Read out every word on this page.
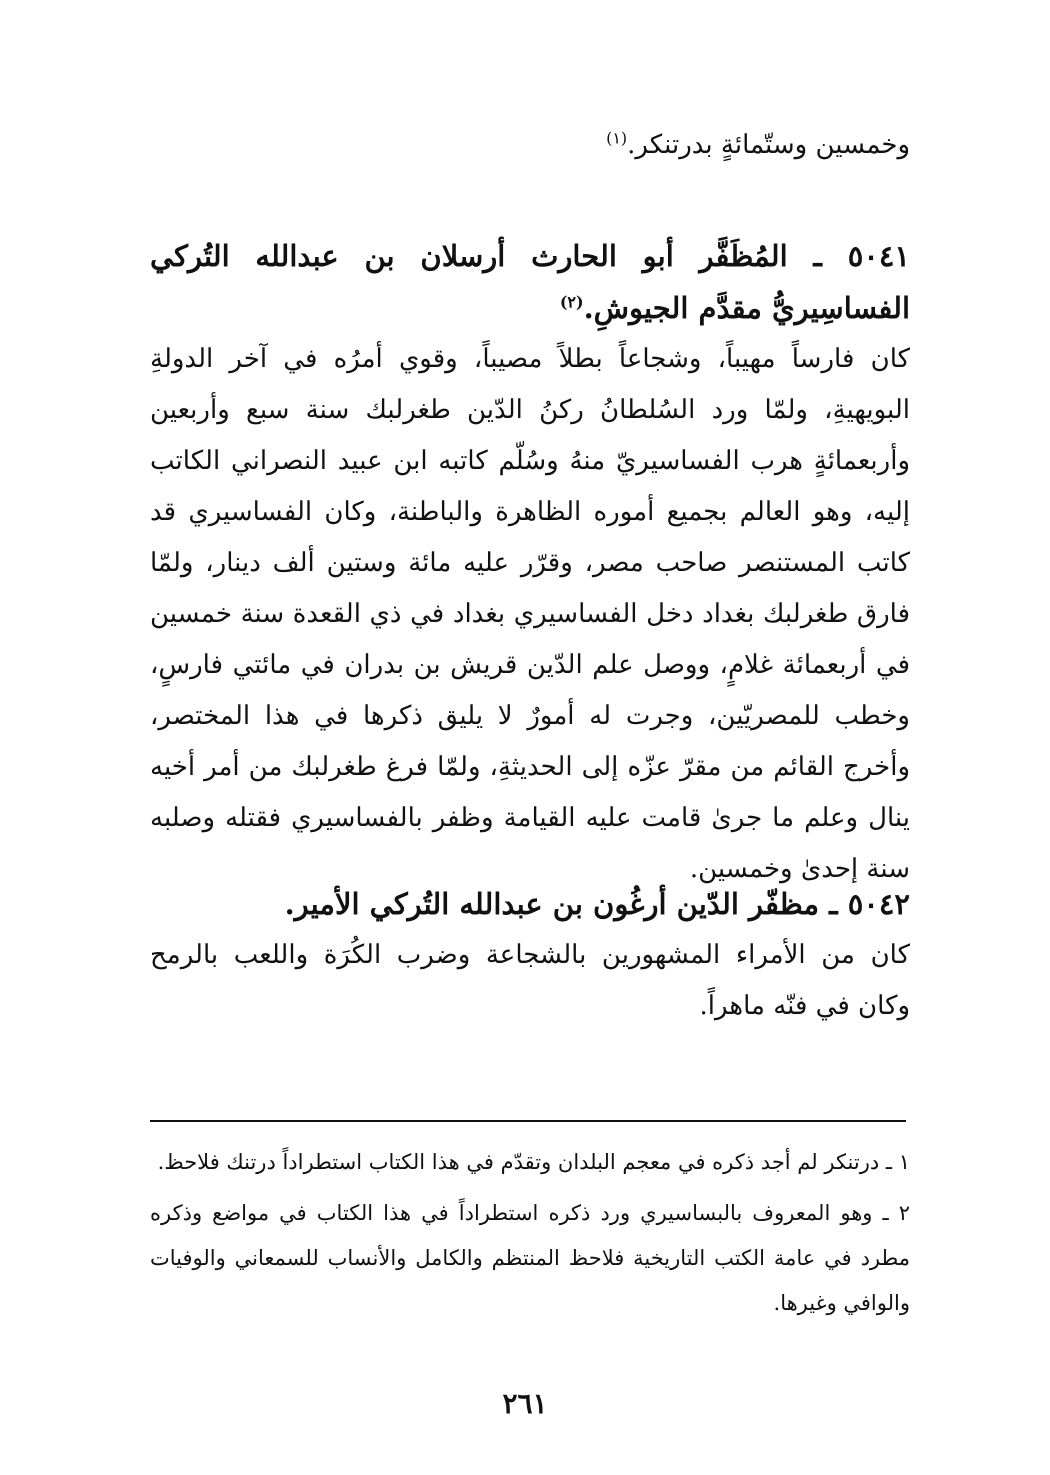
وخمسين وستّمائةٍ بدرتنكر.$^{(١)}$

٥٠٤١ ـ المُظَفَّر أبو الحارث أرسلان بن عبدالله التُركي الفساسِيريُّ مقدَّم الجيوشِ.$^{(٢)}$

كان فارساً مهيباً، وشجاعاً بطلاً مصيباً، وقوي أمرُه في آخر الدولةِ البويهيةِ، ولمّا ورد السُلطانُ ركنُ الدّين طغرلبك سنة سبع وأربعين وأربعمائةٍ هرب الفساسيريّ منهُ وسُلّم كاتبه ابن عبيد النصراني الكاتب إليه، وهو العالم بجميع أموره الظاهرة والباطنة، وكان الفساسيري قد كاتب المستنصر صاحب مصر، وقرّر عليه مائة وستين ألف دينار، ولمّا فارق طغرلبك بغداد دخل الفساسيري بغداد في ذي القعدة سنة خمسين في أربعمائة غلامٍ، ووصل علم الدّين قريش بن بدران في مائتي فارسٍ، وخطب للمصريّين، وجرت له أمورٌ لا يليق ذكرها في هذا المختصر، وأخرج القائم من مقرّ عزّه إلى الحديثةِ، ولمّا فرغ طغرلبك من أمر أخيه ينال وعلم ما جرىٰ قامت عليه القيامة وظفر بالفساسيري فقتله وصلبه سنة إحدىٰ وخمسين.

٥٠٤٢ ـ مظفّر الدّين أرغُون بن عبدالله التُركي الأمير.

كان من الأمراء المشهورين بالشجاعة وضرب الكُرَة واللعب بالرمح وكان في فنّه ماهراً.

١ ـ درتنكر لم أجد ذكره في معجم البلدان وتقدّم في هذا الكتاب استطراداً درتنك فلاحظ.

٢ ـ وهو المعروف بالبساسيري ورد ذكره استطراداً في هذا الكتاب في مواضع وذكره مطرد في عامة الكتب التاريخية فلاحظ المنتظم والكامل والأنساب للسمعاني والوفيات والوافي وغيرها.

٢٦١
